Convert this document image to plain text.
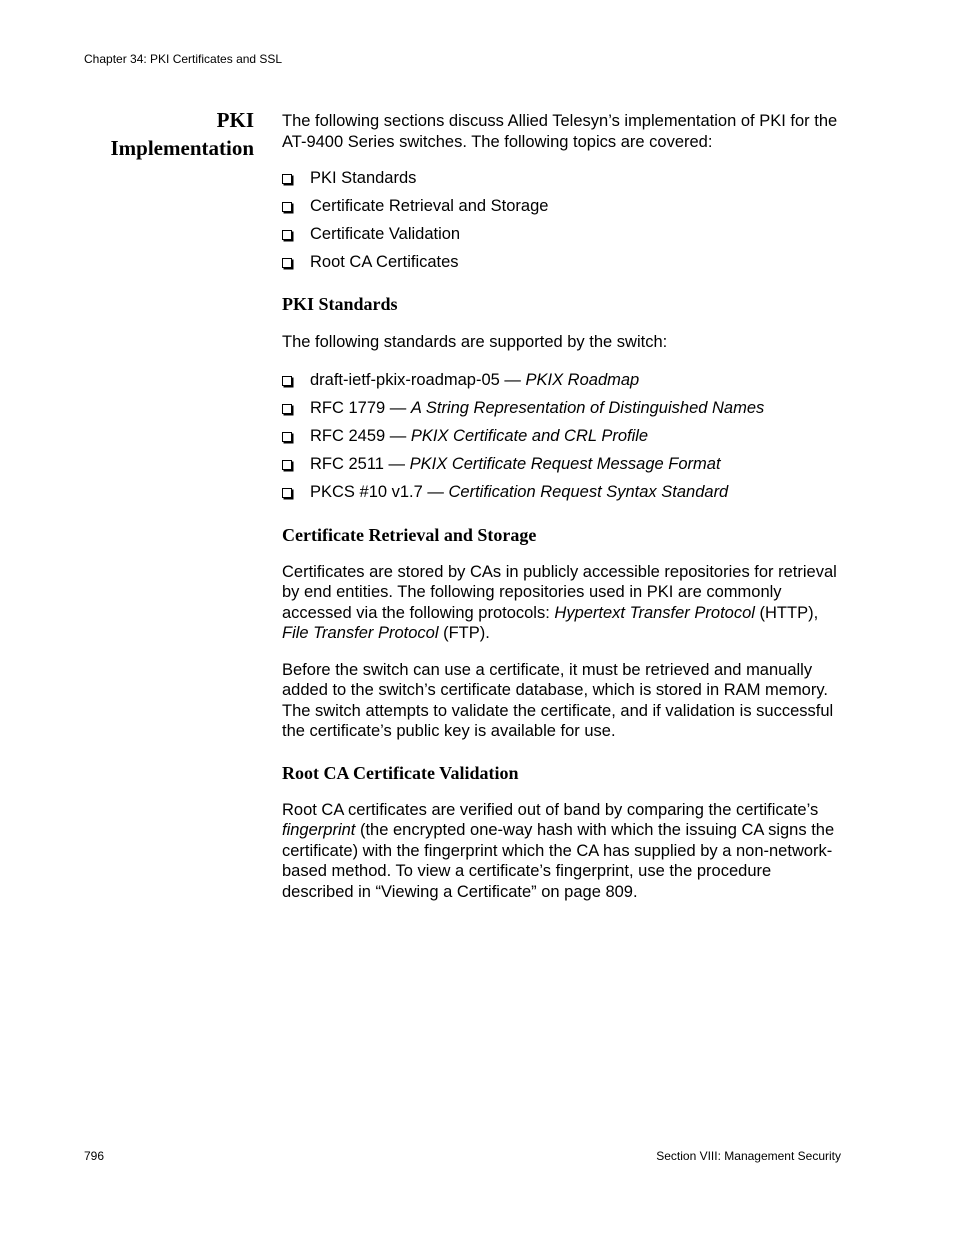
Chapter 34: PKI Certificates and SSL
PKI
Implementation

The following sections discuss Allied Telesyn’s implementation of PKI for the AT-9400 Series switches. The following topics are covered:

PKI Standards
Certificate Retrieval and Storage
Certificate Validation
Root CA Certificates
PKI Standards

The following standards are supported by the switch:

draft-ietf-pkix-roadmap-05 — PKIX Roadmap
RFC 1779 — A String Representation of Distinguished Names
RFC 2459 — PKIX Certificate and CRL Profile
RFC 2511 — PKIX Certificate Request Message Format
PKCS #10 v1.7 — Certification Request Syntax Standard
Certificate Retrieval and Storage

Certificates are stored by CAs in publicly accessible repositories for retrieval by end entities. The following repositories used in PKI are commonly accessed via the following protocols: Hypertext Transfer Protocol (HTTP), File Transfer Protocol (FTP).

Before the switch can use a certificate, it must be retrieved and manually added to the switch’s certificate database, which is stored in RAM memory. The switch attempts to validate the certificate, and if validation is successful the certificate’s public key is available for use.

Root CA Certificate Validation

Root CA certificates are verified out of band by comparing the certificate’s fingerprint (the encrypted one-way hash with which the issuing CA signs the certificate) with the fingerprint which the CA has supplied by a non-network-based method. To view a certificate’s fingerprint, use the procedure described in “Viewing a Certificate” on page 809.

796	Section VIII: Management Security
